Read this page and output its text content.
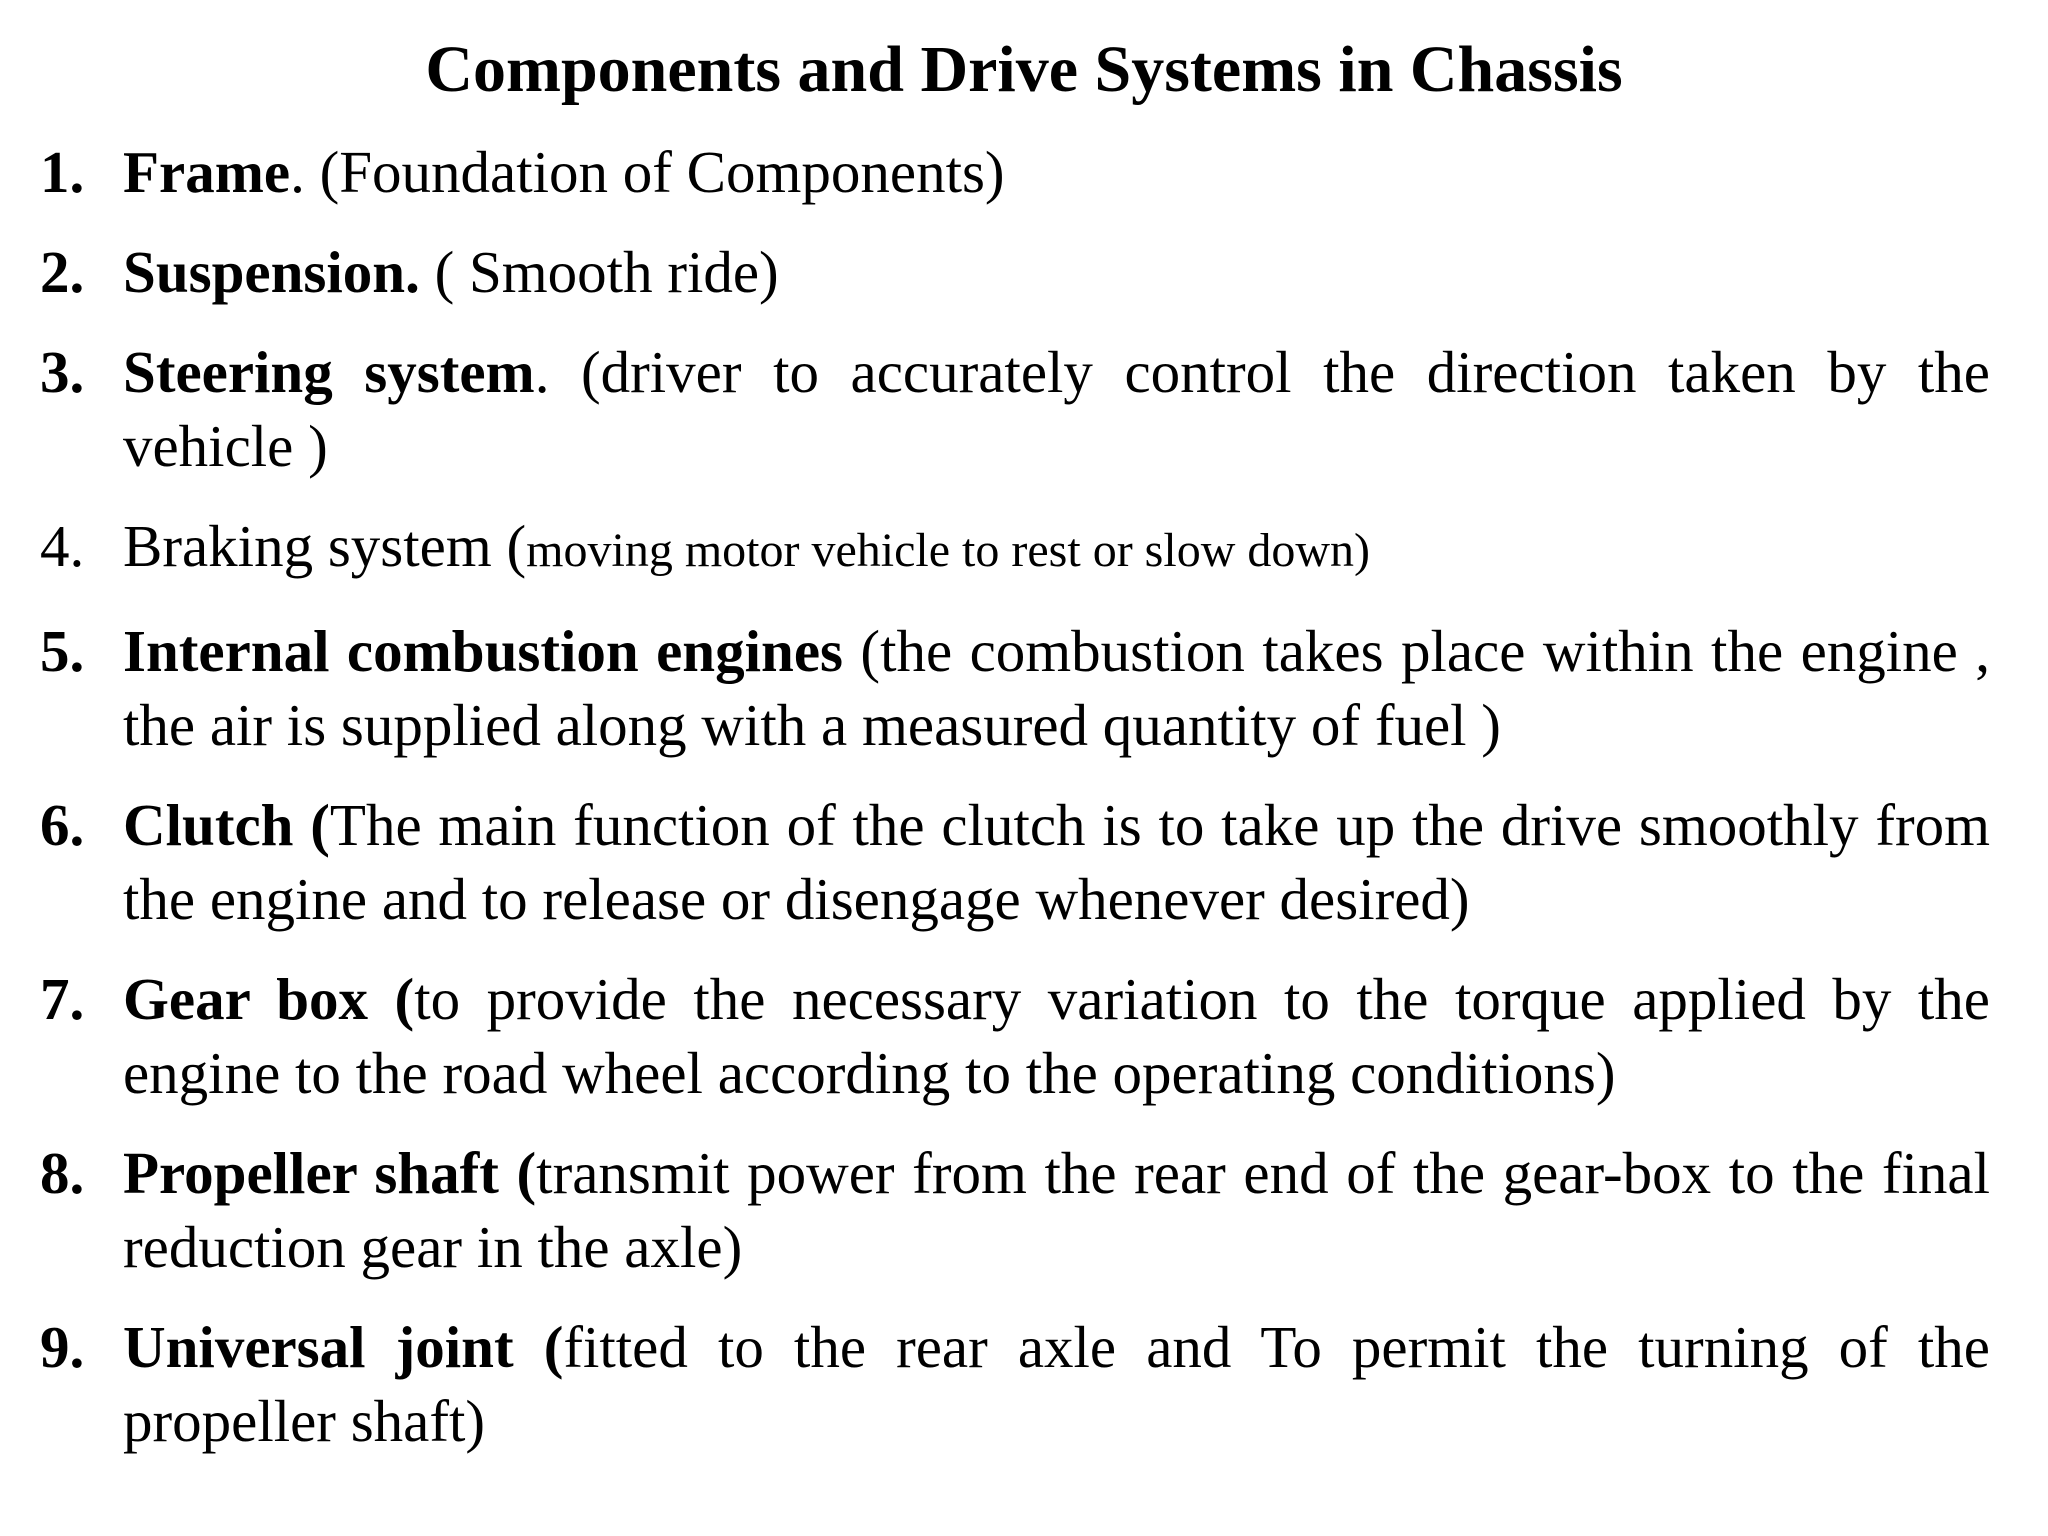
Components and Drive Systems in Chassis
1. Frame. (Foundation of Components)
2. Suspension. ( Smooth ride)
3. Steering system. (driver to accurately control the direction taken by the vehicle )
4. Braking system (moving motor vehicle to rest or slow down)
5. Internal combustion engines (the combustion takes place within the engine , the air is supplied along with a measured quantity of fuel )
6. Clutch (The main function of the clutch is to take up the drive smoothly from the engine and to release or disengage whenever desired)
7. Gear box (to provide the necessary variation to the torque applied by the engine to the road wheel according to the operating conditions)
8. Propeller shaft (transmit power from the rear end of the gear-box to the final reduction gear in the axle)
9. Universal joint (fitted to the rear axle and To permit the turning of the propeller shaft)
